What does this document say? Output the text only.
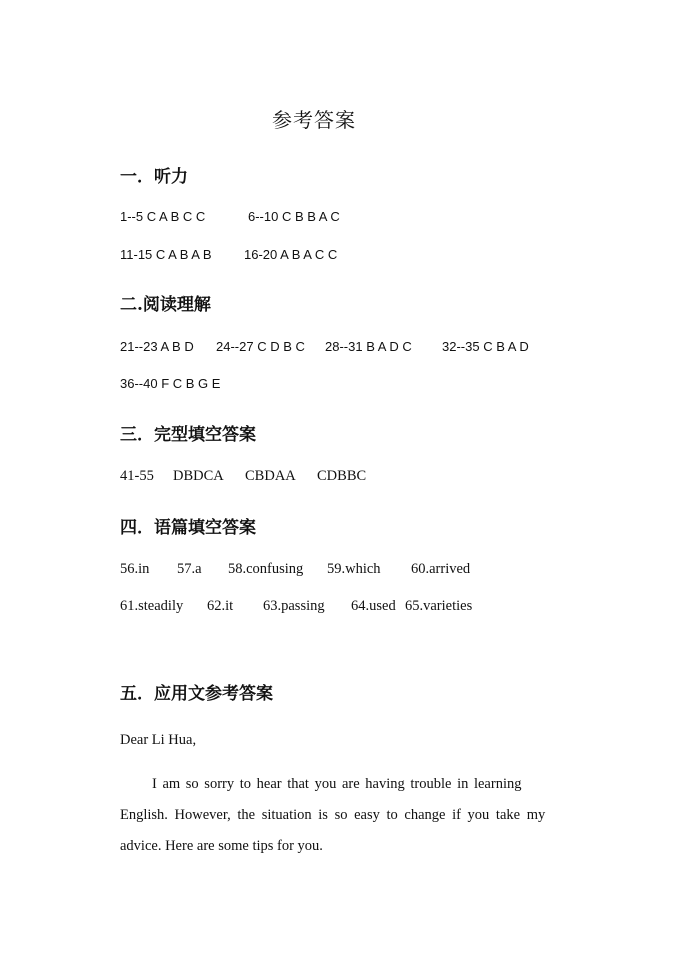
参考答案
一．听力
1--5 C A B C C	6--10 C B B A C
11-15 C A B A B 16-20 A B A C C
二.阅读理解
21--23 A B D 24--27 C D B C 28--31 B A D C 32--35 C B A D
36--40 F C B G E
三．完型填空答案
41-55 DBDCA CBDAA CDBBC
四．语篇填空答案
56.in 57.a 58.confusing 59.which 60.arrived
61.steadily 62.it 63.passing 64.used 65.varieties
五．应用文参考答案
Dear Li Hua,
I am so sorry to hear that you are having trouble in learning
English. However, the situation is so easy to change if you take my
advice. Here are some tips for you.
